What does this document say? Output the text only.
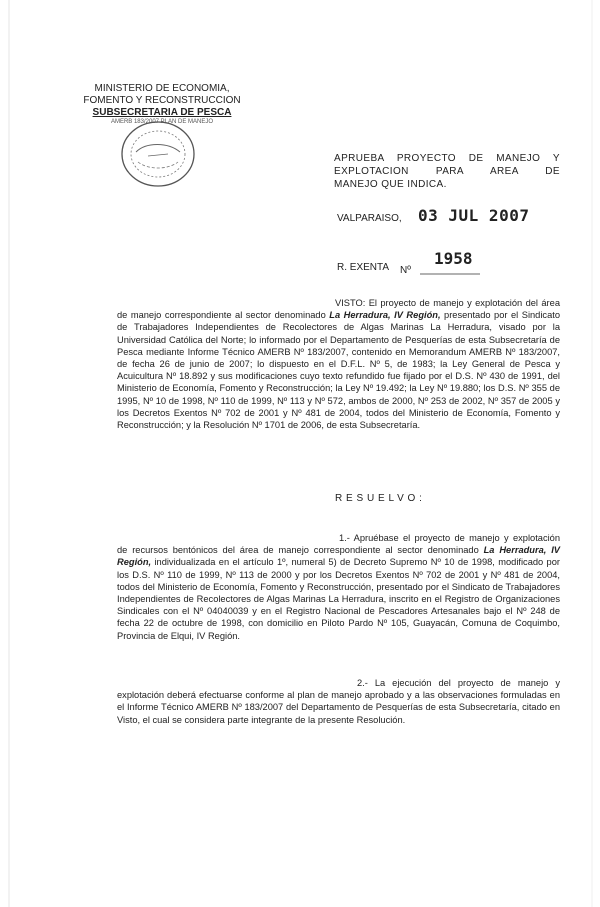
MINISTERIO DE ECONOMIA,
FOMENTO Y RECONSTRUCCION
SUBSECRETARIA DE PESCA
AMERB 183/2007 PLAN DE MANEJO
APRUEBA PROYECTO DE MANEJO Y
EXPLOTACION PARA AREA DE
MANEJO QUE INDICA.
VALPARAISO, 03 JUL 2007
R. EXENTA Nº
1958

VISTO: El proyecto de manejo y explotación del área de manejo correspondiente al sector denominado La Herradura, IV Región, presentado por el Sindicato de Trabajadores Independientes de Recolectores de Algas Marinas La Herradura, visado por la Universidad Católica del Norte; lo informado por el Departamento de Pesquerías de esta Subsecretaría de Pesca mediante Informe Técnico AMERB Nº 183/2007, contenido en Memorandum AMERB Nº 183/2007, de fecha 26 de junio de 2007; lo dispuesto en el D.F.L. Nº 5, de 1983; la Ley General de Pesca y Acuicultura Nº 18.892 y sus modificaciones cuyo texto refundido fue fijado por el D.S. Nº 430 de 1991, del Ministerio de Economía, Fomento y Reconstrucción; la Ley Nº 19.492; la Ley Nº 19.880; los D.S. Nº 355 de 1995, Nº 10 de 1998, Nº 110 de 1999, Nº 113 y Nº 572, ambos de 2000, Nº 253 de 2002, Nº 357 de 2005 y los Decretos Exentos Nº 702 de 2001 y Nº 481 de 2004, todos del Ministerio de Economía, Fomento y Reconstrucción; y la Resolución Nº 1701 de 2006, de esta Subsecretaría.

RESUELVO:

1.- Apruébase el proyecto de manejo y explotación de recursos bentónicos del área de manejo correspondiente al sector denominado La Herradura, IV Región, individualizada en el artículo 1º, numeral 5) de Decreto Supremo Nº 10 de 1998, modificado por los D.S. Nº 110 de 1999, Nº 113 de 2000 y por los Decretos Exentos Nº 702 de 2001 y Nº 481 de 2004, todos del Ministerio de Economía, Fomento y Reconstrucción, presentado por el Sindicato de Trabajadores Independientes de Recolectores de Algas Marinas La Herradura, inscrito en el Registro de Organizaciones Sindicales con el Nº 04040039 y en el Registro Nacional de Pescadores Artesanales bajo el Nº 248 de fecha 22 de octubre de 1998, con domicilio en Piloto Pardo Nº 105, Guayacán, Comuna de Coquimbo, Provincia de Elqui, IV Región.

2.- La ejecución del proyecto de manejo y explotación deberá efectuarse conforme al plan de manejo aprobado y a las observaciones formuladas en el Informe Técnico AMERB Nº 183/2007 del Departamento de Pesquerías de esta Subsecretaría, citado en Visto, el cual se considera parte integrante de la presente Resolución.
